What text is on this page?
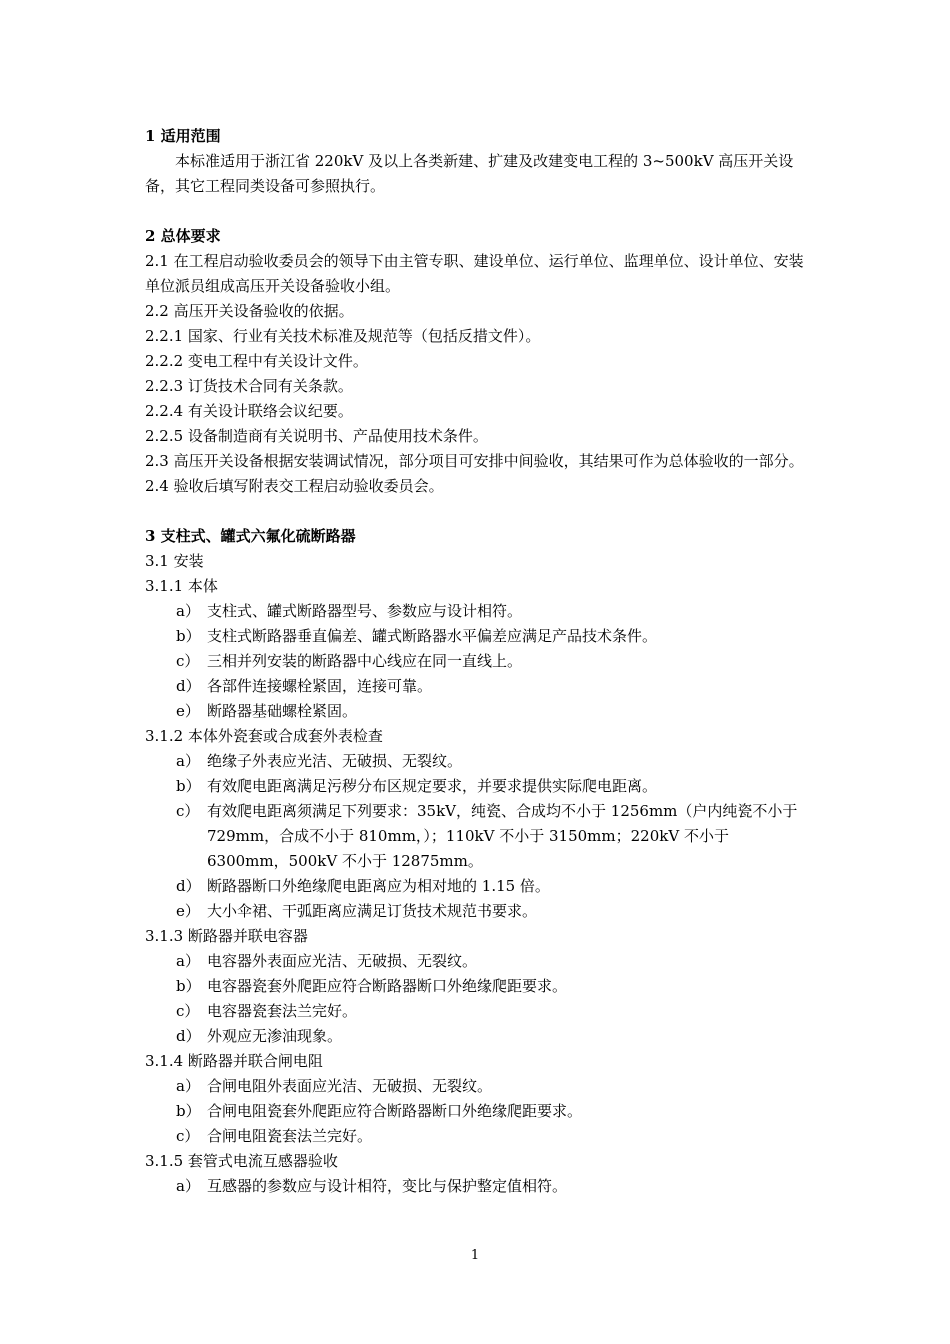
1 适用范围
本标准适用于浙江省 220kV 及以上各类新建、扩建及改建变电工程的 3~500kV 高压开关设备，其它工程同类设备可参照执行。
2 总体要求
2.1 在工程启动验收委员会的领导下由主管专职、建设单位、运行单位、监理单位、设计单位、安装单位派员组成高压开关设备验收小组。
2.2 高压开关设备验收的依据。
2.2.1 国家、行业有关技术标准及规范等（包括反措文件）。
2.2.2 变电工程中有关设计文件。
2.2.3 订货技术合同有关条款。
2.2.4 有关设计联络会议纪要。
2.2.5 设备制造商有关说明书、产品使用技术条件。
2.3 高压开关设备根据安装调试情况，部分项目可安排中间验收，其结果可作为总体验收的一部分。
2.4 验收后填写附表交工程启动验收委员会。
3 支柱式、罐式六氟化硫断路器
3.1 安装
3.1.1 本体
a） 支柱式、罐式断路器型号、参数应与设计相符。
b） 支柱式断路器垂直偏差、罐式断路器水平偏差应满足产品技术条件。
c） 三相并列安装的断路器中心线应在同一直线上。
d） 各部件连接螺栓紧固，连接可靠。
e） 断路器基础螺栓紧固。
3.1.2 本体外瓷套或合成套外表检查
a） 绝缘子外表应光洁、无破损、无裂纹。
b） 有效爬电距离满足污秽分布区规定要求，并要求提供实际爬电距离。
c） 有效爬电距离须满足下列要求：35kV，纯瓷、合成均不小于 1256mm（户内纯瓷不小于 729mm，合成不小于 810mm，）；110kV 不小于 3150mm；220kV 不小于 6300mm，500kV 不小于 12875mm。
d） 断路器断口外绝缘爬电距离应为相对地的 1.15 倍。
e） 大小伞裙、干弧距离应满足订货技术规范书要求。
3.1.3 断路器并联电容器
a） 电容器外表面应光洁、无破损、无裂纹。
b） 电容器瓷套外爬距应符合断路器断口外绝缘爬距要求。
c） 电容器瓷套法兰完好。
d） 外观应无渗油现象。
3.1.4 断路器并联合闸电阻
a） 合闸电阻外表面应光洁、无破损、无裂纹。
b） 合闸电阻瓷套外爬距应符合断路器断口外绝缘爬距要求。
c） 合闸电阻瓷套法兰完好。
3.1.5 套管式电流互感器验收
a） 互感器的参数应与设计相符，变比与保护整定值相符。
1
